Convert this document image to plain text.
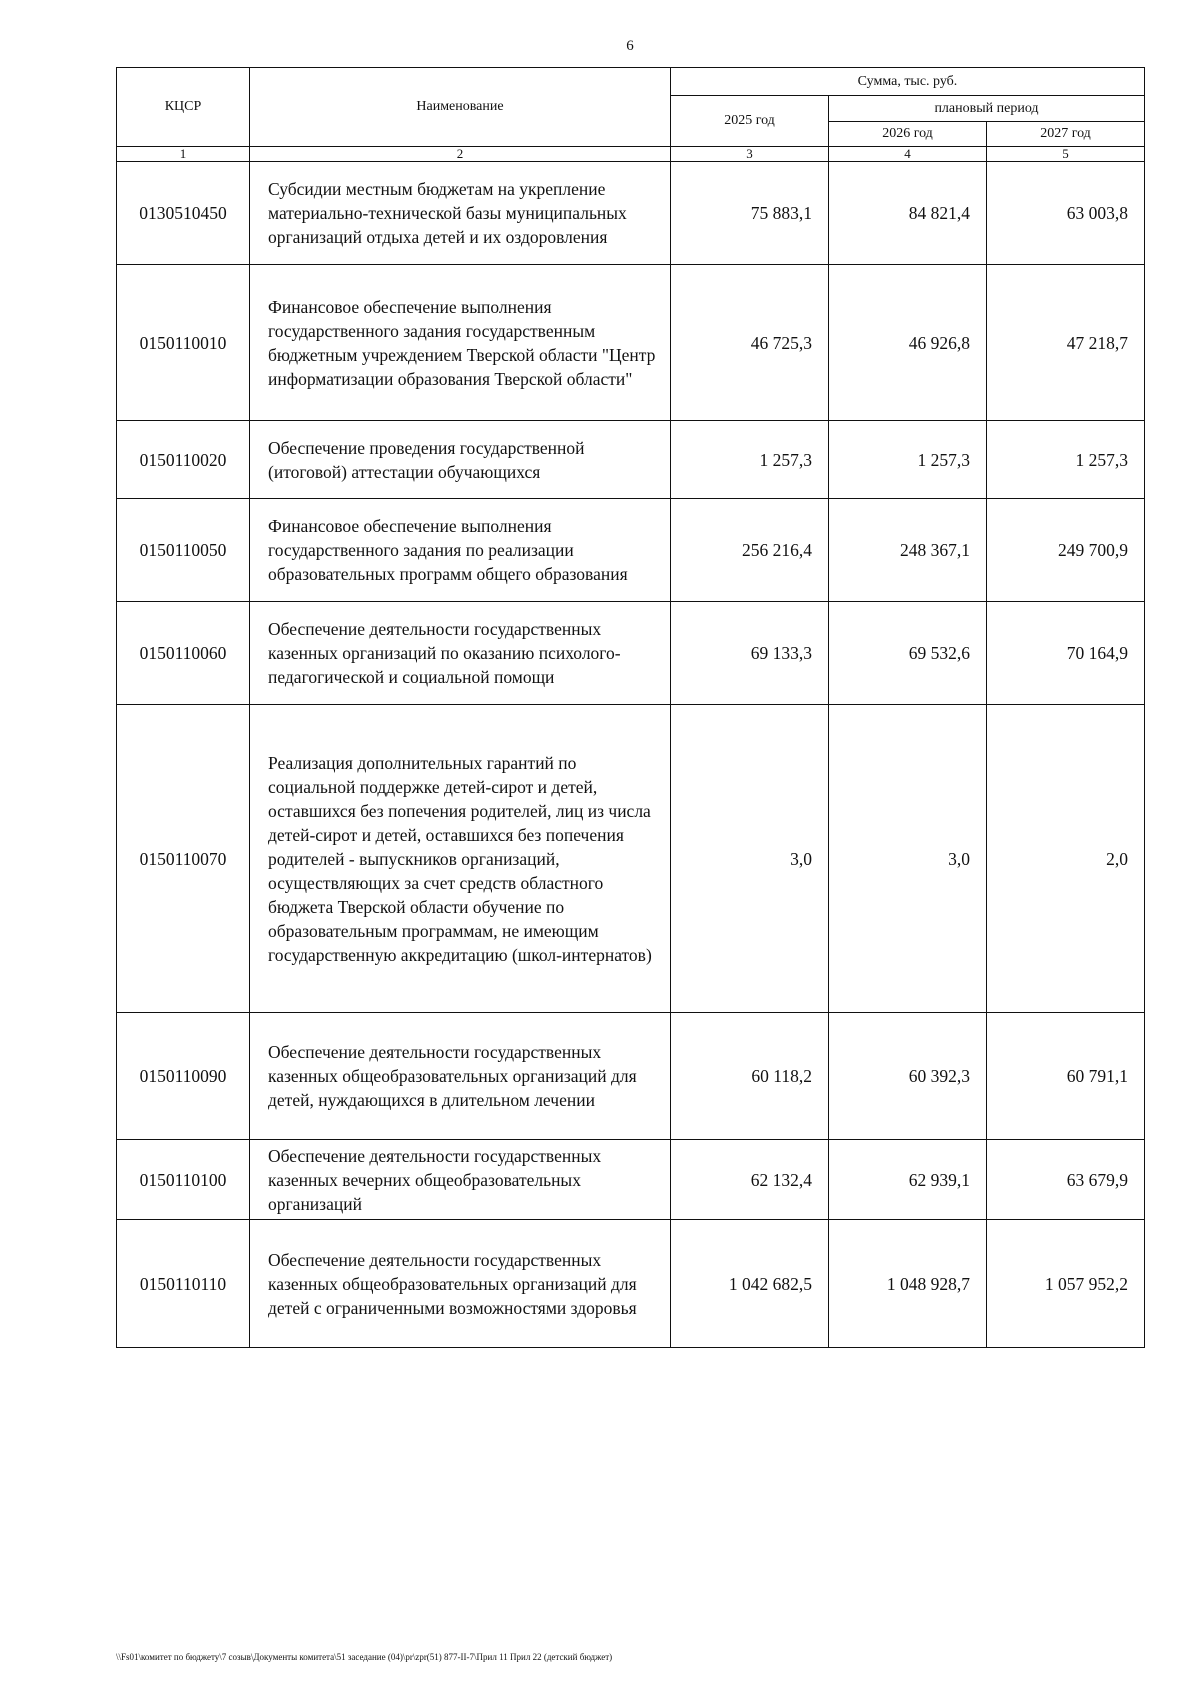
6
КЦСР	Наименование	Сумма, тыс. руб.		
		2025 год	плановый период	
			2026 год	2027 год
1	2	3	4	5
0130510450	Субсидии местным бюджетам на укрепление материально-технической базы муниципальных организаций отдыха детей и их оздоровления	75 883,1	84 821,4	63 003,8
0150110010	Финансовое обеспечение выполнения государственного задания государственным бюджетным учреждением Тверской области "Центр информатизации образования Тверской области"	46 725,3	46 926,8	47 218,7
0150110020	Обеспечение проведения государственной (итоговой) аттестации обучающихся	1 257,3	1 257,3	1 257,3
0150110050	Финансовое обеспечение выполнения государственного задания по реализации образовательных программ общего образования	256 216,4	248 367,1	249 700,9
0150110060	Обеспечение деятельности государственных казенных организаций по оказанию психолого-педагогической и социальной помощи	69 133,3	69 532,6	70 164,9
0150110070	Реализация дополнительных гарантий по социальной поддержке детей-сирот и детей, оставшихся без попечения родителей, лиц из числа детей-сирот и детей, оставшихся без попечения родителей - выпускников организаций, осуществляющих за счет средств областного бюджета Тверской области обучение по образовательным программам, не имеющим государственную аккредитацию (школ-интернатов)	3,0	3,0	2,0
0150110090	Обеспечение деятельности государственных казенных общеобразовательных организаций для детей, нуждающихся в длительном лечении	60 118,2	60 392,3	60 791,1
0150110100	Обеспечение деятельности государственных казенных вечерних общеобразовательных организаций	62 132,4	62 939,1	63 679,9
0150110110	Обеспечение деятельности государственных казенных общеобразовательных организаций для детей с ограниченными возможностями здоровья	1 042 682,5	1 048 928,7	1 057 952,2
\\Fs01\комитет по бюджету\7 созыв\Документы комитета\51 заседание (04)\pr\zpr(51) 877-II-7\Прил 11 Прил 22 (детский бюджет)
